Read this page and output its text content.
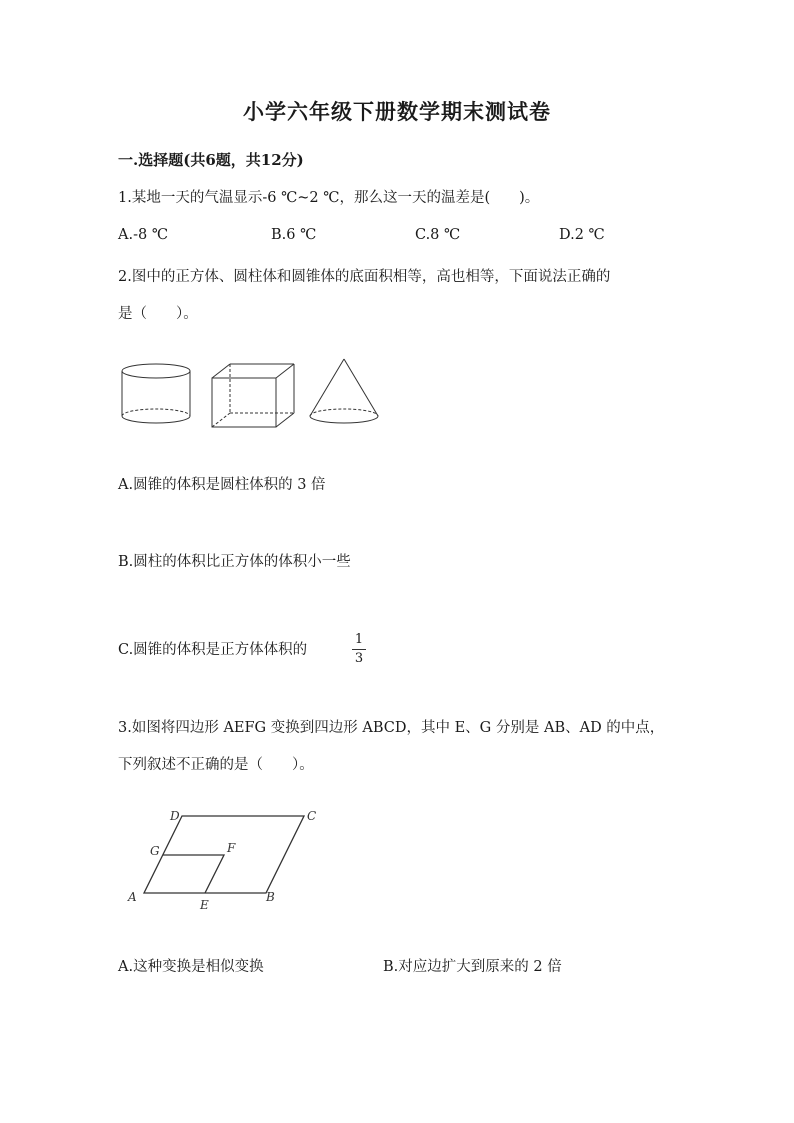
小学六年级下册数学期末测试卷
一.选择题(共6题，共12分)
1.某地一天的气温显示-6 ℃~2 ℃，那么这一天的温差是(　　)。
A.-8 ℃	B.6 ℃	C.8 ℃	D.2 ℃
2.图中的正方体、圆柱体和圆锥体的底面积相等，高也相等，下面说法正确的
是（　　）。
A.圆锥的体积是圆柱体积的 3 倍
B.圆柱的体积比正方体的体积小一些
C.圆锥的体积是正方体体积的
1
3
3.如图将四边形 AEFG 变换到四边形 ABCD，其中 E、G 分别是 AB、AD 的中点，
下列叙述不正确的是（　　）。
A	B
C
D
E
F
G
A.这种变换是相似变换	B.对应边扩大到原来的 2 倍
